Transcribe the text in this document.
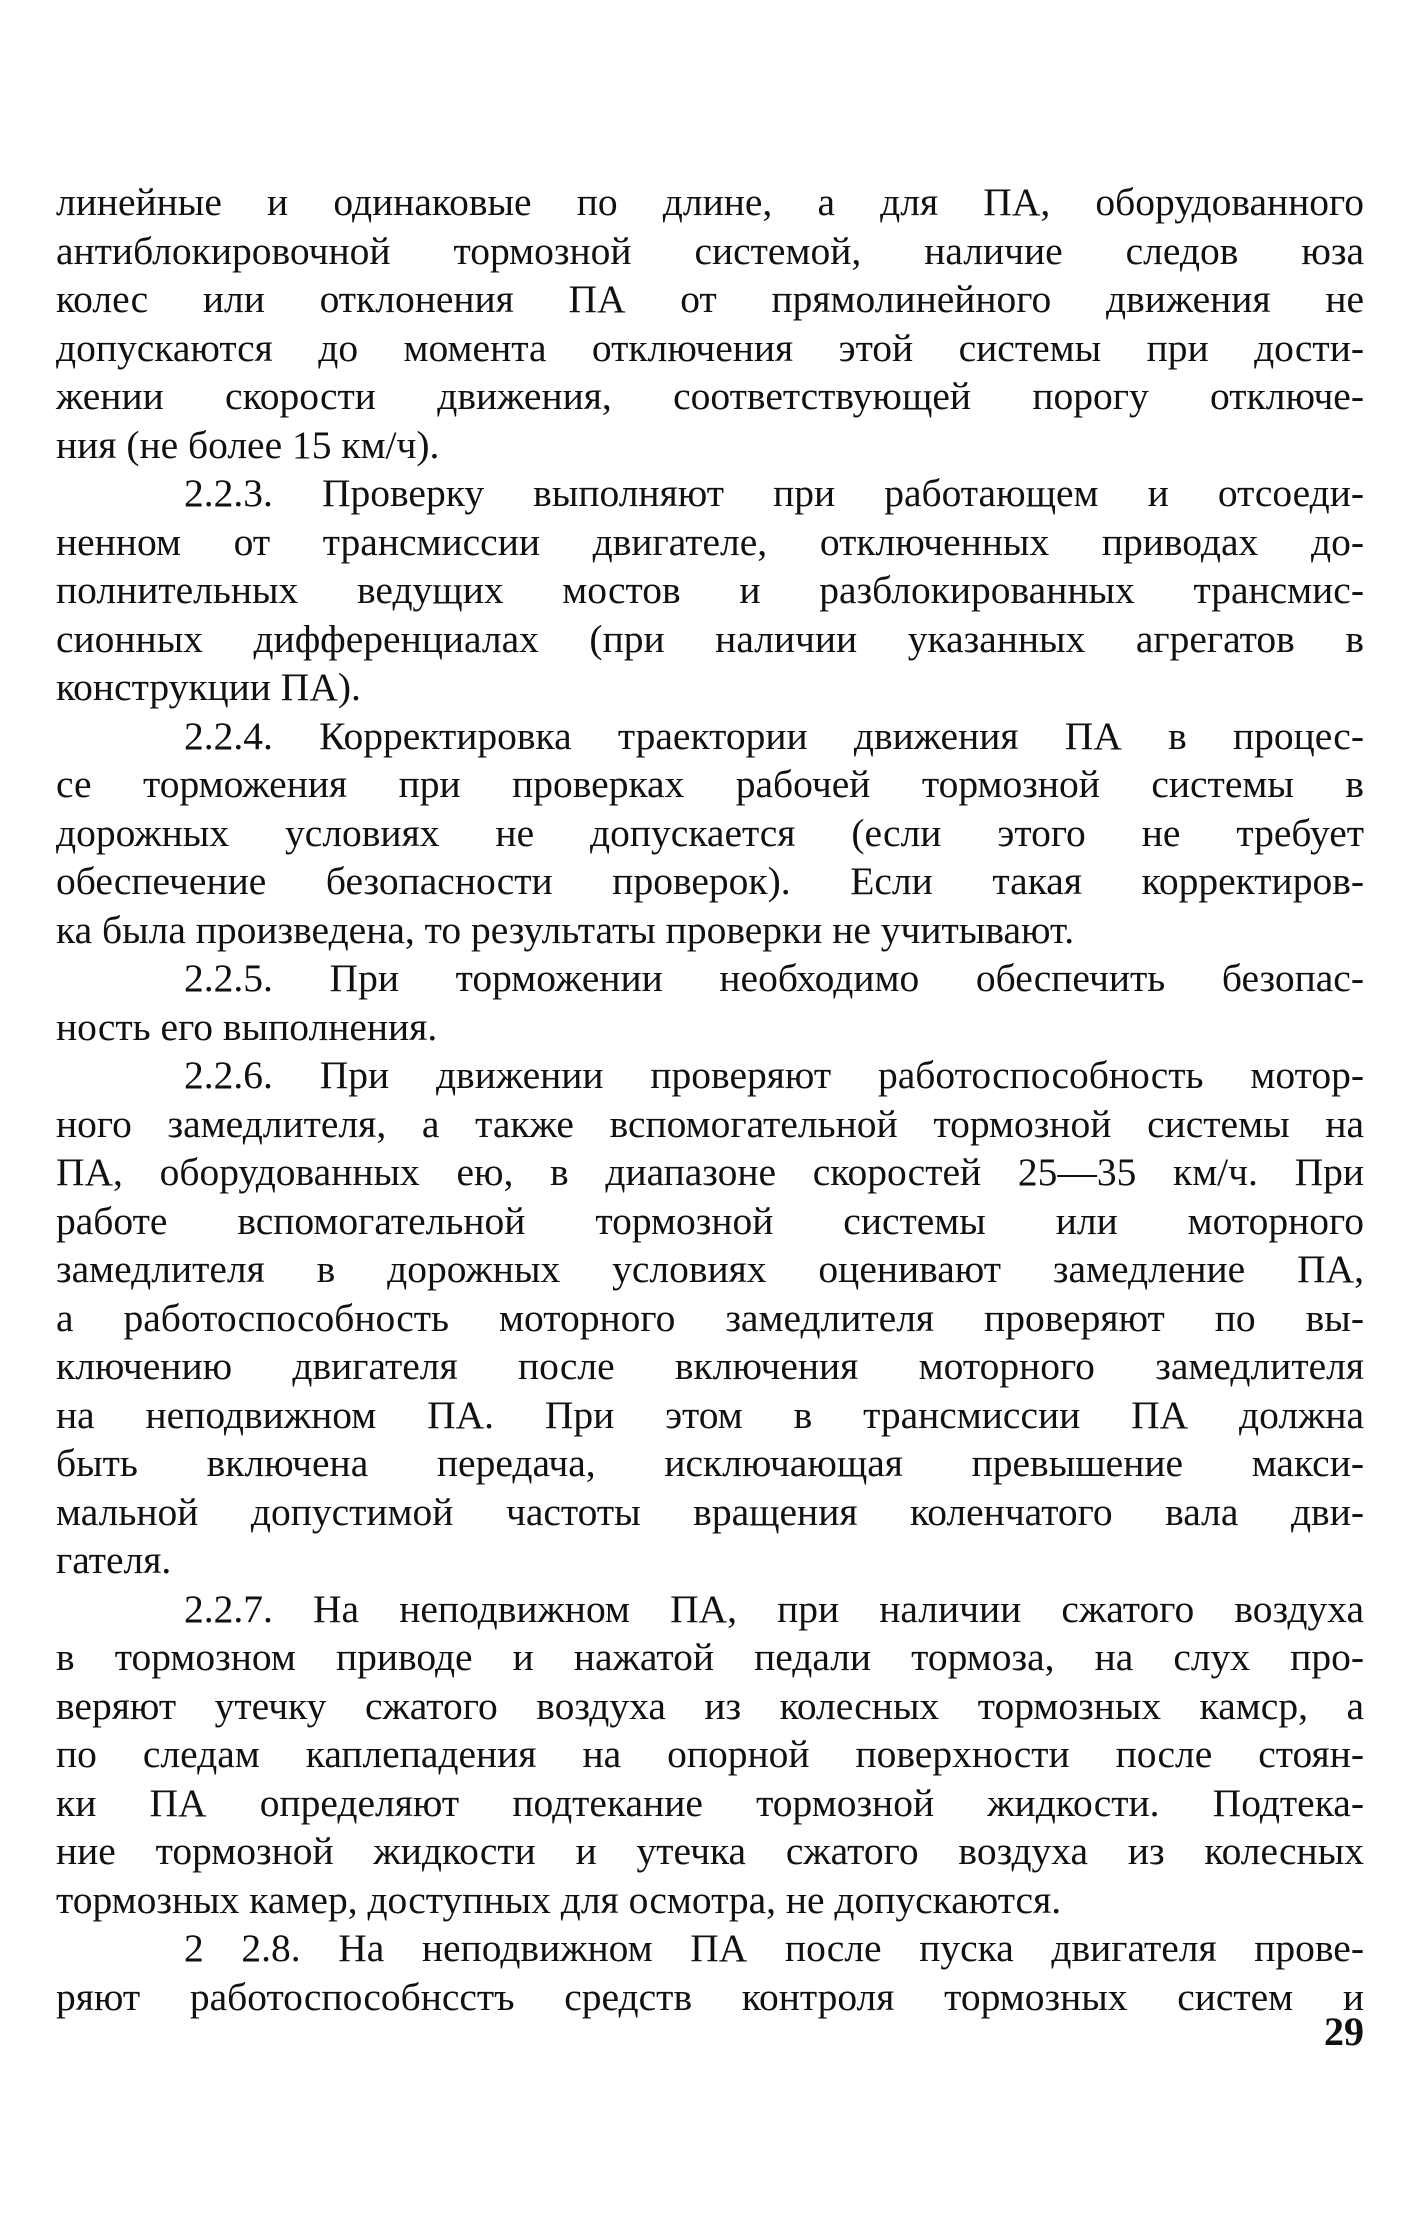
линейные и одинаковые по длине, а для ПА, оборудованного
антиблокировочной тормозной системой, наличие следов юза
колес или отклонения ПА от прямолинейного движения не
допускаются до момента отключения этой системы при дости-
жении скорости движения, соответствующей порогу отключе-
ния (не более 15 км/ч).
2.2.3. Проверку выполняют при работающем и отсоеди-
ненном от трансмиссии двигателе, отключенных приводах до-
полнительных ведущих мостов и разблокированных трансмис-
сионных дифференциалах (при наличии указанных агрегатов в
конструкции ПА).
2.2.4. Корректировка траектории движения ПА в процес-
се торможения при проверках рабочей тормозной системы в
дорожных условиях не допускается (если этого не требует
обеспечение безопасности проверок). Если такая корректиров-
ка была произведена, то результаты проверки не учитывают.
2.2.5. При торможении необходимо обеспечить безопас-
ность его выполнения.
2.2.6. При движении проверяют работоспособность мотор-
ного замедлителя, а также вспомогательной тормозной системы на
ПА, оборудованных ею, в диапазоне скоростей 25—35 км/ч. При
работе вспомогательной тормозной системы или моторного
замедлителя в дорожных условиях оценивают замедление ПА,
а работоспособность моторного замедлителя проверяют по вы-
ключению двигателя после включения моторного замедлителя
на неподвижном ПА. При этом в трансмиссии ПА должна
быть включена передача, исключающая превышение макси-
мальной допустимой частоты вращения коленчатого вала дви-
гателя.
2.2.7. На неподвижном ПА, при наличии сжатого воздуха
в тормозном приводе и нажатой педали тормоза, на слух про-
веряют утечку сжатого воздуха из колесных тормозных камср, а
по следам каплепадения на опорной поверхности после стоян-
ки ПА определяют подтекание тормозной жидкости. Подтека-
ние тормозной жидкости и утечка сжатого воздуха из колесных
тормозных камер, доступных для осмотра, не допускаются.
2 2.8. На неподвижном ПА после пуска двигателя прове-
ряют работоспособнсстъ средств контроля тормозных систем и
29
